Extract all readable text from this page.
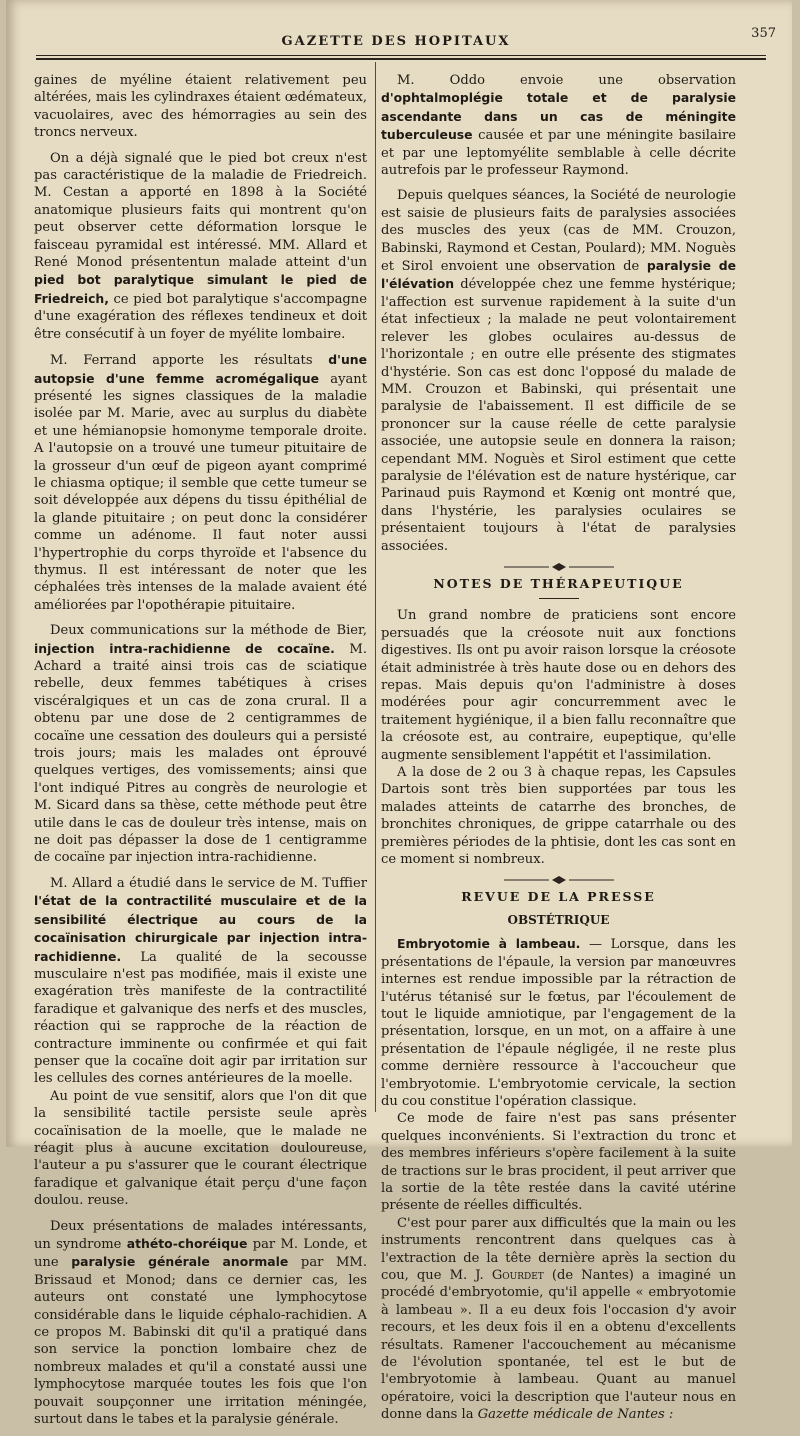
GAZETTE DES HOPITAUX
357

gaines de myéline étaient relativement peu altérées, mais les cylindraxes étaient œdémateux, vacuolaires, avec des hémorragies au sein des troncs nerveux.

On a déjà signalé que le pied bot creux n'est pas caractéristique de la maladie de Friedreich. M. Cestan a apporté en 1898 à la Société anatomique plusieurs faits qui montrent qu'on peut observer cette déformation lorsque le faisceau pyramidal est intéressé. MM. Allard et René Monod présententun malade atteint d'un pied bot paralytique simulant le pied de Friedreich, ce pied bot paralytique s'accompagne d'une exagération des réflexes tendineux et doit être consécutif à un foyer de myélite lombaire.

M. Ferrand apporte les résultats d'une autopsie d'une femme acromégalique ayant présenté les signes classiques de la maladie isolée par M. Marie, avec au surplus du diabète et une hémianopsie homonyme temporale droite. A l'autopsie on a trouvé une tumeur pituitaire de la grosseur d'un œuf de pigeon ayant comprimé le chiasma optique; il semble que cette tumeur se soit développée aux dépens du tissu épithélial de la glande pituitaire ; on peut donc la considérer comme un adénome. Il faut noter aussi l'hypertrophie du corps thyroïde et l'absence du thymus. Il est intéressant de noter que les céphalées très intenses de la malade avaient été améliorées par l'opothérapie pituitaire.

Deux communications sur la méthode de Bier, injection intra-rachidienne de cocaïne. M. Achard a traité ainsi trois cas de sciatique rebelle, deux femmes tabétiques à crises viscéralgiques et un cas de zona crural. Il a obtenu par une dose de 2 centigrammes de cocaïne une cessation des douleurs qui a persisté trois jours; mais les malades ont éprouvé quelques vertiges, des vomissements; ainsi que l'ont indiqué Pitres au congrès de neurologie et M. Sicard dans sa thèse, cette méthode peut être utile dans le cas de douleur très intense, mais on ne doit pas dépasser la dose de 1 centigramme de cocaïne par injection intra-rachidienne.

M. Allard a étudié dans le service de M. Tuffier l'état de la contractilité musculaire et de la sensibilité électrique au cours de la cocaïnisation chirurgicale par injection intra-rachidienne. La qualité de la secousse musculaire n'est pas modifiée, mais il existe une exagération très manifeste de la contractilité faradique et galvanique des nerfs et des muscles, réaction qui se rapproche de la réaction de contracture imminente ou confirmée et qui fait penser que la cocaïne doit agir par irritation sur les cellules des cornes antérieures de la moelle.

Au point de vue sensitif, alors que l'on dit que la sensibilité tactile persiste seule après cocaïnisation de la moelle, que le malade ne réagit plus à aucune excitation douloureuse, l'auteur a pu s'assurer que le courant électrique faradique et galvanique était perçu d'une façon doulou. reuse.

Deux présentations de malades intéressants, un syndrome athéto-choréique par M. Londe, et une paralysie générale anormale par MM. Brissaud et Monod; dans ce dernier cas, les auteurs ont constaté une lymphocytose considérable dans le liquide céphalo-rachidien. A ce propos M. Babinski dit qu'il a pratiqué dans son service la ponction lombaire chez de nombreux malades et qu'il a constaté aussi une lymphocytose marquée toutes les fois que l'on pouvait soupçonner une irritation méningée, surtout dans le tabes et la paralysie générale.

M. Oddo envoie une observation d'ophtalmoplégie totale et de paralysie ascendante dans un cas de méningite tuberculeuse causée et par une méningite basilaire et par une leptomyélite semblable à celle décrite autrefois par le professeur Raymond.

Depuis quelques séances, la Société de neurologie est saisie de plusieurs faits de paralysies associées des muscles des yeux (cas de MM. Crouzon, Babinski, Raymond et Cestan, Poulard); MM. Noguès et Sirol envoient une observation de paralysie de l'élévation développée chez une femme hystérique; l'affection est survenue rapidement à la suite d'un état infectieux ; la malade ne peut volontairement relever les globes oculaires au-dessus de l'horizontale ; en outre elle présente des stigmates d'hystérie. Son cas est donc l'opposé du malade de MM. Crouzon et Babinski, qui présentait une paralysie de l'abaissement. Il est difficile de se prononcer sur la cause réelle de cette paralysie associée, une autopsie seule en donnera la raison; cependant MM. Noguès et Sirol estiment que cette paralysie de l'élévation est de nature hystérique, car Parinaud puis Raymond et Kœnig ont montré que, dans l'hystérie, les paralysies oculaires se présentaient toujours à l'état de paralysies associées.

NOTES DE THÉRAPEUTIQUE

Un grand nombre de praticiens sont encore persuadés que la créosote nuit aux fonctions digestives. Ils ont pu avoir raison lorsque la créosote était administrée à très haute dose ou en dehors des repas. Mais depuis qu'on l'administre à doses modérées pour agir concurremment avec le traitement hygiénique, il a bien fallu reconnaître que la créosote est, au contraire, eupeptique, qu'elle augmente sensiblement l'appétit et l'assimilation.

A la dose de 2 ou 3 à chaque repas, les Capsules Dartois sont très bien supportées par tous les malades atteints de catarrhe des bronches, de bronchites chroniques, de grippe catarrhale ou des premières périodes de la phtisie, dont les cas sont en ce moment si nombreux.

REVUE DE LA PRESSE
OBSTÉTRIQUE

Embryotomie à lambeau. — Lorsque, dans les présentations de l'épaule, la version par manœuvres internes est rendue impossible par la rétraction de l'utérus tétanisé sur le fœtus, par l'écoulement de tout le liquide amniotique, par l'engagement de la présentation, lorsque, en un mot, on a affaire à une présentation de l'épaule négligée, il ne reste plus comme dernière ressource à l'accoucheur que l'embryotomie. L'embryotomie cervicale, la section du cou constitue l'opération classique.

Ce mode de faire n'est pas sans présenter quelques inconvénients. Si l'extraction du tronc et des membres inférieurs s'opère facilement à la suite de tractions sur le bras procident, il peut arriver que la sortie de la tête restée dans la cavité utérine présente de réelles difficultés.

C'est pour parer aux difficultés que la main ou les instruments rencontrent dans quelques cas à l'extraction de la tête dernière après la section du cou, que M. J. Gourdet (de Nantes) a imaginé un procédé d'embryotomie, qu'il appelle « embryotomie à lambeau ». Il a eu deux fois l'occasion d'y avoir recours, et les deux fois il en a obtenu d'excellents résultats. Ramener l'accouchement au mécanisme de l'évolution spontanée, tel est le but de l'embryotomie à lambeau. Quant au manuel opératoire, voici la description que l'auteur nous en donne dans la Gazette médicale de Nantes :
